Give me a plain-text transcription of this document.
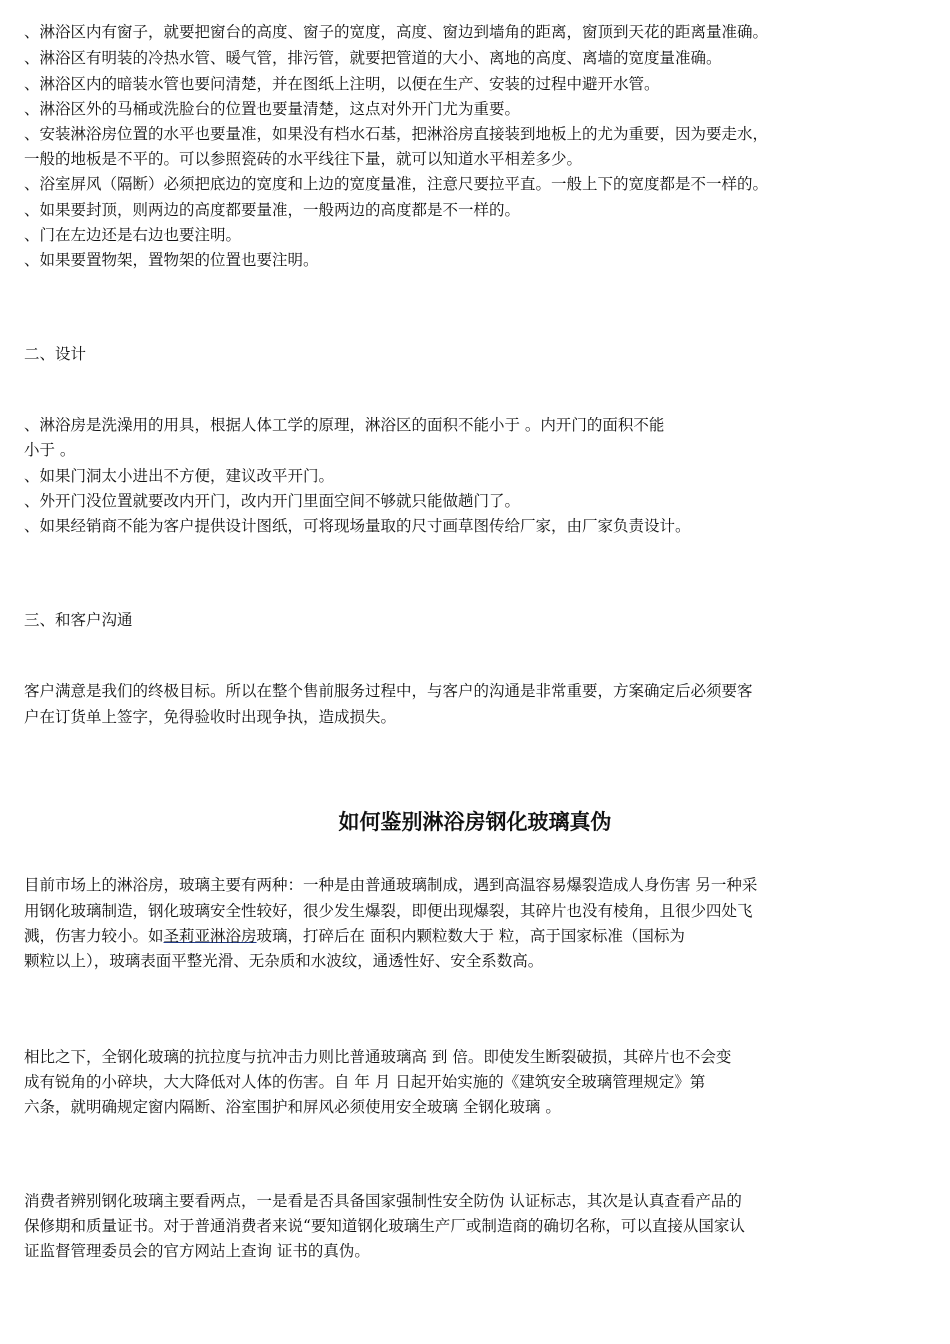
、淋浴区内有窗子，就要把窗台的高度、窗子的宽度，高度、窗边到墙角的距离，窗顶到天花的距离量准确。

、淋浴区有明装的冷热水管、暖气管，排污管，就要把管道的大小、离地的高度、离墙的宽度量准确。

、淋浴区内的暗装水管也要问清楚，并在图纸上注明，以便在生产、安装的过程中避开水管。

、淋浴区外的马桶或洗脸台的位置也要量清楚，这点对外开门尤为重要。

、安装淋浴房位置的水平也要量准，如果没有档水石基，把淋浴房直接装到地板上的尤为重要，因为要走水，

一般的地板是不平的。可以参照瓷砖的水平线往下量，就可以知道水平相差多少。

、浴室屏风（隔断）必须把底边的宽度和上边的宽度量准，注意尺要拉平直。一般上下的宽度都是不一样的。

、如果要封顶，则两边的高度都要量准，一般两边的高度都是不一样的。

、门在左边还是右边也要注明。

、如果要置物架，置物架的位置也要注明。

二、设计

、淋浴房是洗澡用的用具，根据人体工学的原理，淋浴区的面积不能小于 。内开门的面积不能

小于 。

、如果门洞太小进出不方便，建议改平开门。

、外开门没位置就要改内开门，改内开门里面空间不够就只能做趟门了。

、如果经销商不能为客户提供设计图纸，可将现场量取的尺寸画草图传给厂家，由厂家负责设计。

三、和客户沟通

客户满意是我们的终极目标。所以在整个售前服务过程中，与客户的沟通是非常重要，方案确定后必须要客

户在订货单上签字，免得验收时出现争执，造成损失。

如何鉴别淋浴房钢化玻璃真伪

目前市场上的淋浴房，玻璃主要有两种：一种是由普通玻璃制成，遇到高温容易爆裂造成人身伤害 另一种采

用钢化玻璃制造，钢化玻璃安全性较好，很少发生爆裂，即便出现爆裂，其碎片也没有棱角，且很少四处飞

溅，伤害力较小。如圣莉亚淋浴房玻璃，打碎后在 面积内颗粒数大于 粒，高于国家标准（国标为

颗粒以上），玻璃表面平整光滑、无杂质和水波纹，通透性好、安全系数高。

相比之下，全钢化玻璃的抗拉度与抗冲击力则比普通玻璃高 到 倍。即使发生断裂破损，其碎片也不会变

成有锐角的小碎块，大大降低对人体的伤害。自 年 月 日起开始实施的《建筑安全玻璃管理规定》第

六条，就明确规定窗内隔断、浴室围护和屏风必须使用安全玻璃 全钢化玻璃 。

消费者辨别钢化玻璃主要看两点，一是看是否具备国家强制性安全防伪 认证标志，其次是认真查看产品的

保修期和质量证书。对于普通消费者来说“要知道钢化玻璃生产厂或制造商的确切名称，可以直接从国家认

证监督管理委员会的官方网站上查询 证书的真伪。
